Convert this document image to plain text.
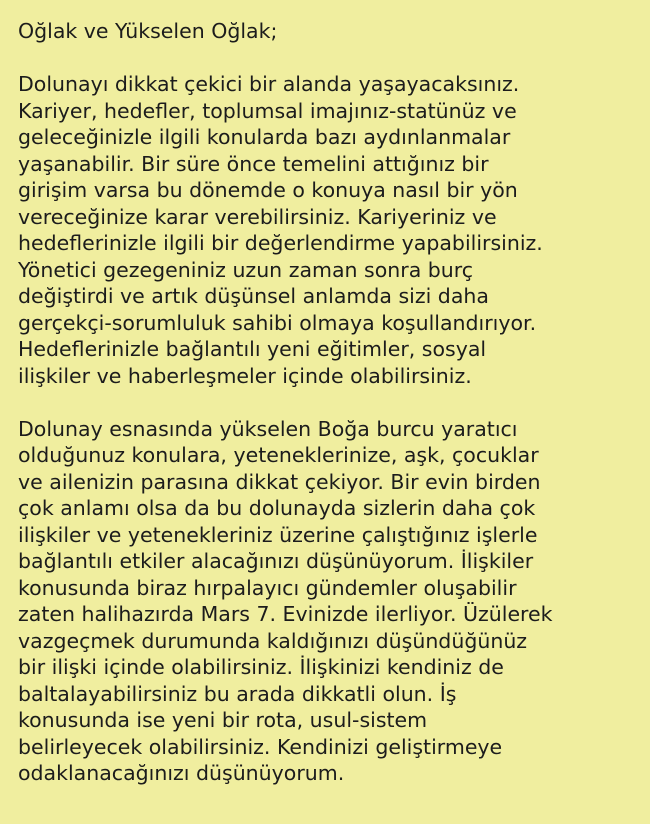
Oğlak ve Yükselen Oğlak;
Dolunayı dikkat çekici bir alanda yaşayacaksınız.
Kariyer, hedefler, toplumsal imajınız-statünüz ve
geleceğinizle ilgili konularda bazı aydınlanmalar
yaşanabilir. Bir süre önce temelini attığınız bir
girişim varsa bu dönemde o konuya nasıl bir yön
vereceğinize karar verebilirsiniz. Kariyeriniz ve
hedeflerinizle ilgili bir değerlendirme yapabilirsiniz.
Yönetici gezegeniniz uzun zaman sonra burç
değiştirdi ve artık düşünsel anlamda sizi daha
gerçekçi-sorumluluk sahibi olmaya koşullandırıyor.
Hedeflerinizle bağlantılı yeni eğitimler, sosyal
ilişkiler ve haberleşmeler içinde olabilirsiniz.
Dolunay esnasında yükselen Boğa burcu yaratıcı
olduğunuz konulara, yeteneklerinize, aşk, çocuklar
ve ailenizin parasına dikkat çekiyor. Bir evin birden
çok anlamı olsa da bu dolunayda sizlerin daha çok
ilişkiler ve yetenekleriniz üzerine çalıştığınız işlerle
bağlantılı etkiler alacağınızı düşünüyorum. İlişkiler
konusunda biraz hırpalayıcı gündemler oluşabilir
zaten halihazırda Mars 7. Evinizde ilerliyor. Üzülerek
vazgeçmek durumunda kaldığınızı düşündüğünüz
bir ilişki içinde olabilirsiniz. İlişkinizi kendiniz de
baltalayabilirsiniz bu arada dikkatli olun. İş
konusunda ise yeni bir rota, usul-sistem
belirleyecek olabilirsiniz. Kendinizi geliştirmeye
odaklanacağınızı düşünüyorum.
